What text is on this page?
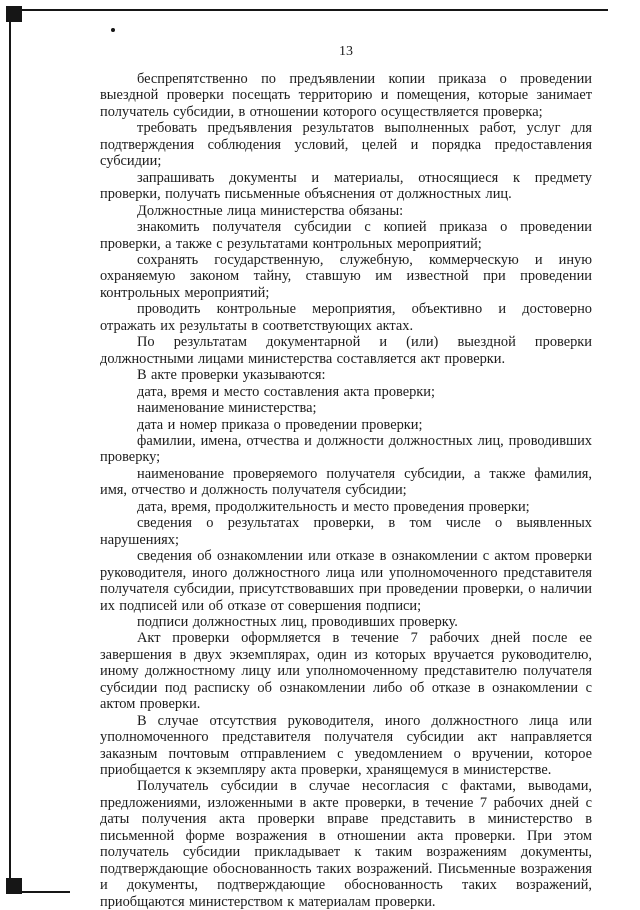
13

беспрепятственно по предъявлении копии приказа о проведении выездной проверки посещать территорию и помещения, которые занимает получатель субсидии, в отношении которого осуществляется проверка;

требовать предъявления результатов выполненных работ, услуг для подтверждения соблюдения условий, целей и порядка предоставления субсидии;

запрашивать документы и материалы, относящиеся к предмету проверки, получать письменные объяснения от должностных лиц.

Должностные лица министерства обязаны:

знакомить получателя субсидии с копией приказа о проведении проверки, а также с результатами контрольных мероприятий;

сохранять государственную, служебную, коммерческую и иную охраняемую законом тайну, ставшую им известной при проведении контрольных мероприятий;

проводить контрольные мероприятия, объективно и достоверно отражать их результаты в соответствующих актах.

По результатам документарной и (или) выездной проверки должностными лицами министерства составляется акт проверки.

В акте проверки указываются:

дата, время и место составления акта проверки;

наименование министерства;

дата и номер приказа о проведении проверки;

фамилии, имена, отчества и должности должностных лиц, проводивших проверку;

наименование проверяемого получателя субсидии, а также фамилия, имя, отчество и должность получателя субсидии;

дата, время, продолжительность и место проведения проверки;

сведения о результатах проверки, в том числе о выявленных нарушениях;

сведения об ознакомлении или отказе в ознакомлении с актом проверки руководителя, иного должностного лица или уполномоченного представителя получателя субсидии, присутствовавших при проведении проверки, о наличии их подписей или об отказе от совершения подписи;

подписи должностных лиц, проводивших проверку.

Акт проверки оформляется в течение 7 рабочих дней после ее завершения в двух экземплярах, один из которых вручается руководителю, иному должностному лицу или уполномоченному представителю получателя субсидии под расписку об ознакомлении либо об отказе в ознакомлении с актом проверки.

В случае отсутствия руководителя, иного должностного лица или уполномоченного представителя получателя субсидии акт направляется заказным почтовым отправлением с уведомлением о вручении, которое приобщается к экземпляру акта проверки, хранящемуся в министерстве.

Получатель субсидии в случае несогласия с фактами, выводами, предложениями, изложенными в акте проверки, в течение 7 рабочих дней с даты получения акта проверки вправе представить в министерство в письменной форме возражения в отношении акта проверки. При этом получатель субсидии прикладывает к таким возражениям документы, подтверждающие обоснованность таких возражений. Письменные возражения и документы, подтверждающие обоснованность таких возражений, приобщаются министерством к материалам проверки.
